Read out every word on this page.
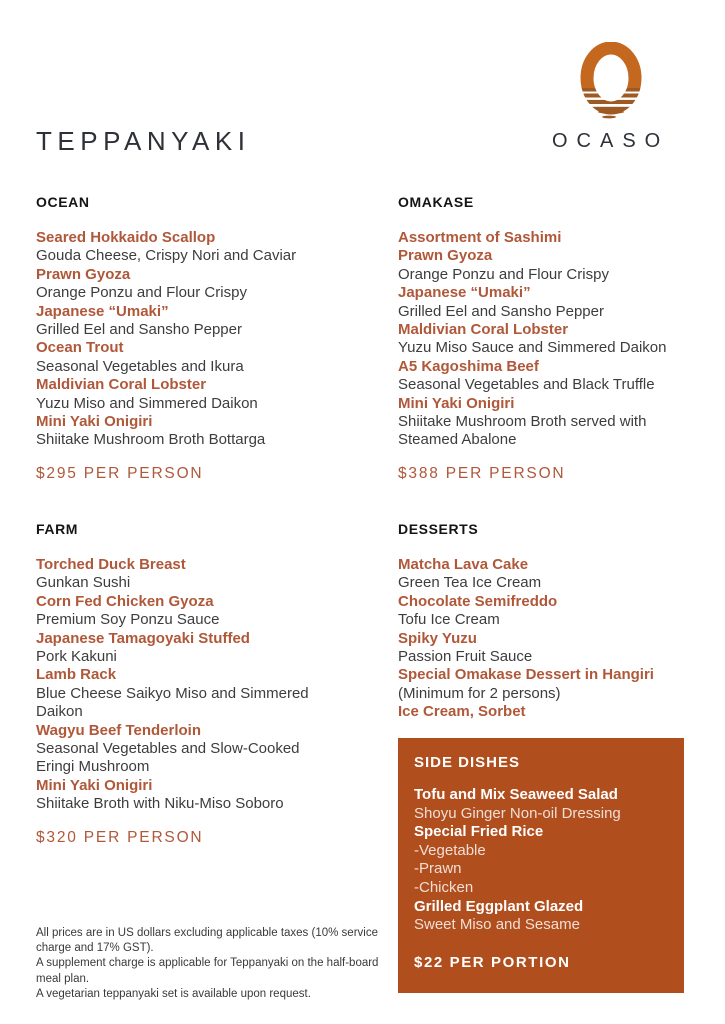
TEPPANYAKI	OCASO
OCEAN
Seared Hokkaido Scallop
Gouda Cheese, Crispy Nori and Caviar
Prawn Gyoza
Orange Ponzu and Flour Crispy
Japanese “Umaki”
Grilled Eel and Sansho Pepper
Ocean Trout
Seasonal Vegetables and Ikura
Maldivian Coral Lobster
Yuzu Miso and Simmered Daikon
Mini Yaki Onigiri
Shiitake Mushroom Broth Bottarga
$295 PER PERSON
OMAKASE
Assortment of Sashimi
Prawn Gyoza
Orange Ponzu and Flour Crispy
Japanese “Umaki”
Grilled Eel and Sansho Pepper
Maldivian Coral Lobster
Yuzu Miso Sauce and Simmered Daikon
A5 Kagoshima Beef
Seasonal Vegetables and Black Truffle
Mini Yaki Onigiri
Shiitake Mushroom Broth served with Steamed Abalone
$388 PER PERSON
FARM
Torched Duck Breast
Gunkan Sushi
Corn Fed Chicken Gyoza
Premium Soy Ponzu Sauce
Japanese Tamagoyaki Stuffed
Pork Kakuni
Lamb Rack
Blue Cheese Saikyo Miso and Simmered Daikon
Wagyu Beef Tenderloin
Seasonal Vegetables and Slow-Cooked Eringi Mushroom
Mini Yaki Onigiri
Shiitake Broth with Niku-Miso Soboro
$320 PER PERSON
DESSERTS
Matcha Lava Cake
Green Tea Ice Cream
Chocolate Semifreddo
Tofu Ice Cream
Spiky Yuzu
Passion Fruit Sauce
Special Omakase Dessert in Hangiri
(Minimum for 2 persons)
Ice Cream, Sorbet
SIDE DISHES
Tofu and Mix Seaweed Salad
Shoyu Ginger Non-oil Dressing
Special Fried Rice
-Vegetable
-Prawn
-Chicken
Grilled Eggplant Glazed
Sweet Miso and Sesame
$22 PER PORTION
All prices are in US dollars excluding applicable taxes (10% service charge and 17% GST).
A supplement charge is applicable for Teppanyaki on the half-board meal plan.
A vegetarian teppanyaki set is available upon request.
